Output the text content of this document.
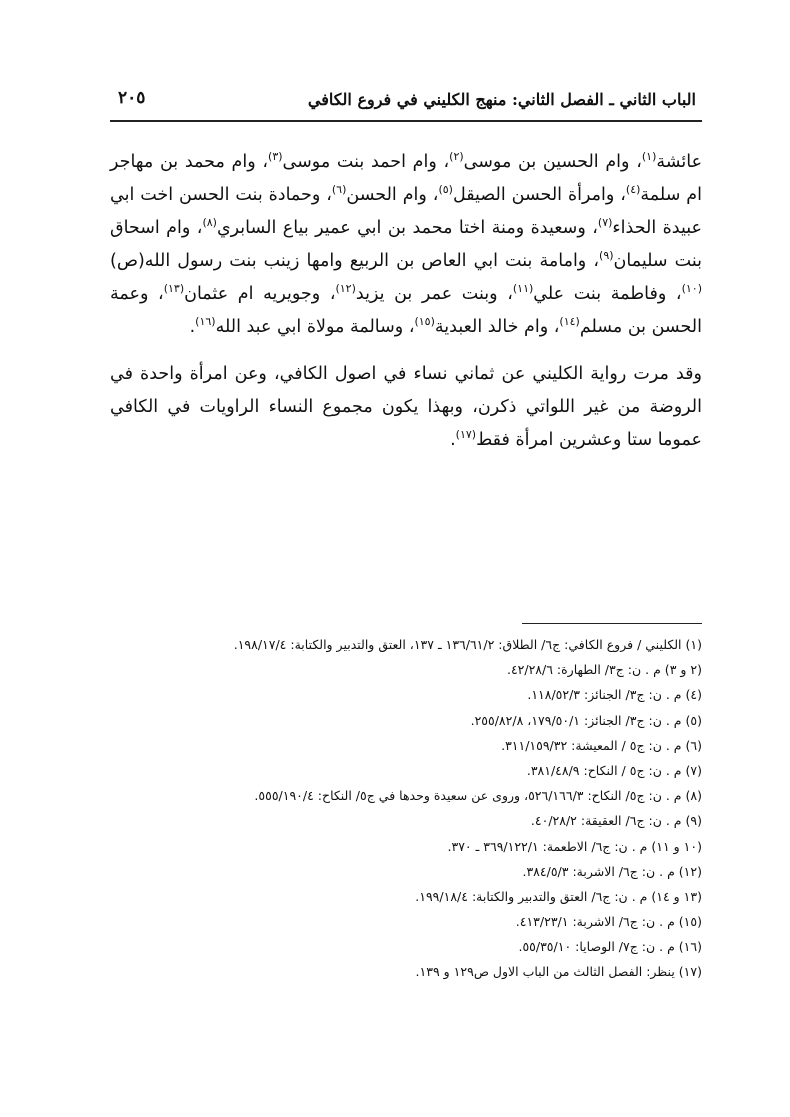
الباب الثاني ـ الفصل الثاني: منهج الكليني في فروع الكافي
٢٠٥

عائشة$^{(١)}$، وام الحسين بن موسى$^{(٢)}$، وام احمد بنت موسى$^{(٣)}$، وام محمد بن مهاجر ام سلمة$^{(٤)}$، وامرأة الحسن الصيقل$^{(٥)}$، وام الحسن$^{(٦)}$، وحمادة بنت الحسن اخت ابي عبيدة الحذاء$^{(٧)}$، وسعيدة ومنة اختا محمد بن ابي عمير بياع السابري$^{(٨)}$، وام اسحاق بنت سليمان$^{(٩)}$، وامامة بنت ابي العاص بن الربيع وامها زينب بنت رسول الله(ص)$^{(١٠)}$، وفاطمة بنت علي$^{(١١)}$، وبنت عمر بن يزيد$^{(١٢)}$، وجويريه ام عثمان$^{(١٣)}$، وعمة الحسن بن مسلم$^{(١٤)}$، وام خالد العبدية$^{(١٥)}$، وسالمة مولاة ابي عبد الله$^{(١٦)}$.

وقد مرت رواية الكليني عن ثماني نساء في اصول الكافي، وعن امرأة واحدة في الروضة من غير اللواتي ذكرن، وبهذا يكون مجموع النساء الراويات في الكافي عموما ستا وعشرين امرأة فقط$^{(١٧)}$.

(١) الكليني / فروع الكافي: ج٦/ الطلاق: ١٣٦/٦١/٢ ـ ١٣٧، العتق والتدبير والكتابة: ١٩٨/١٧/٤.
(٢ و ٣) م . ن: ج٣/ الطهارة: ٤٢/٢٨/٦.
(٤) م . ن: ج٣/ الجنائز: ١١٨/٥٢/٣.
(٥) م . ن: ج٣/ الجنائز: ١٧٩/٥٠/١، ٢٥٥/٨٢/٨.
(٦) م . ن: ج٥ / المعيشة: ٣١١/١٥٩/٣٢.
(٧) م . ن: ج٥ / النكاح: ٣٨١/٤٨/٩.
(٨) م . ن: ج٥/ النكاح: ٥٢٦/١٦٦/٣، وروى عن سعيدة وحدها في ج٥/ النكاح: ٥٥٥/١٩٠/٤.
(٩) م . ن: ج٦/ العقيقة: ٤٠/٢٨/٢.
(١٠ و ١١) م . ن: ج٦/ الاطعمة: ٣٦٩/١٢٢/١ ـ ٣٧٠.
(١٢) م . ن: ج٦/ الاشربة: ٣٨٤/٥/٣.
(١٣ و ١٤) م . ن: ج٦/ العتق والتدبير والكتابة: ١٩٩/١٨/٤.
(١٥) م . ن: ج٦/ الاشربة: ٤١٣/٢٣/١.
(١٦) م . ن: ج٧/ الوصايا: ٥٥/٣٥/١٠.
(١٧) ينظر: الفصل الثالث من الباب الاول ص١٢٩ و ١٣٩.
